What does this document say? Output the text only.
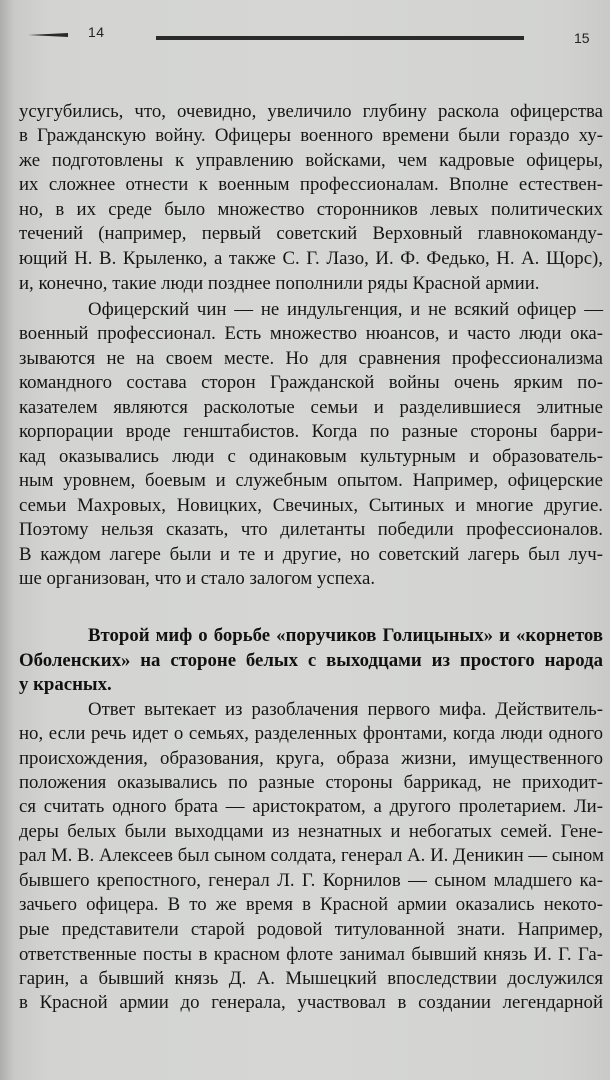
14	15
усугубились, что, очевидно, увеличило глубину раскола офицерства
в Гражданскую войну. Офицеры военного времени были гораздо ху-
же подготовлены к управлению войсками, чем кадровые офицеры,
их сложнее отнести к военным профессионалам. Вполне естествен-
но, в их среде было множество сторонников левых политических
течений (например, первый советский Верховный главнокоманду-
ющий Н. В. Крыленко, а также С. Г. Лазо, И. Ф. Федько, Н. А. Щорс),
и, конечно, такие люди позднее пополнили ряды Красной армии.
Офицерский чин — не индульгенция, и не всякий офицер —
военный профессионал. Есть множество нюансов, и часто люди ока-
зываются не на своем месте. Но для сравнения профессионализма
командного состава сторон Гражданской войны очень ярким по-
казателем являются расколотые семьи и разделившиеся элитные
корпорации вроде генштабистов. Когда по разные стороны барри-
кад оказывались люди с одинаковым культурным и образователь-
ным уровнем, боевым и служебным опытом. Например, офицерские
семьи Махровых, Новицких, Свечиных, Сытиных и многие другие.
Поэтому нельзя сказать, что дилетанты победили профессионалов.
В каждом лагере были и те и другие, но советский лагерь был луч-
ше организован, что и стало залогом успеха.
Второй миф о борьбе «поручиков Голицыных» и «корнетов
Оболенских» на стороне белых с выходцами из простого народа
у красных.
Ответ вытекает из разоблачения первого мифа. Действитель-
но, если речь идет о семьях, разделенных фронтами, когда люди одного
происхождения, образования, круга, образа жизни, имущественного
положения оказывались по разные стороны баррикад, не приходит-
ся считать одного брата — аристократом, а другого пролетарием. Ли-
деры белых были выходцами из незнатных и небогатых семей. Гене-
рал М. В. Алексеев был сыном солдата, генерал А. И. Деникин — сыном
бывшего крепостного, генерал Л. Г. Корнилов — сыном младшего ка-
зачьего офицера. В то же время в Красной армии оказались некото-
рые представители старой родовой титулованной знати. Например,
ответственные посты в красном флоте занимал бывший князь И. Г. Га-
гарин, а бывший князь Д. А. Мышецкий впоследствии дослужился
в Красной армии до генерала, участвовал в создании легендарной
